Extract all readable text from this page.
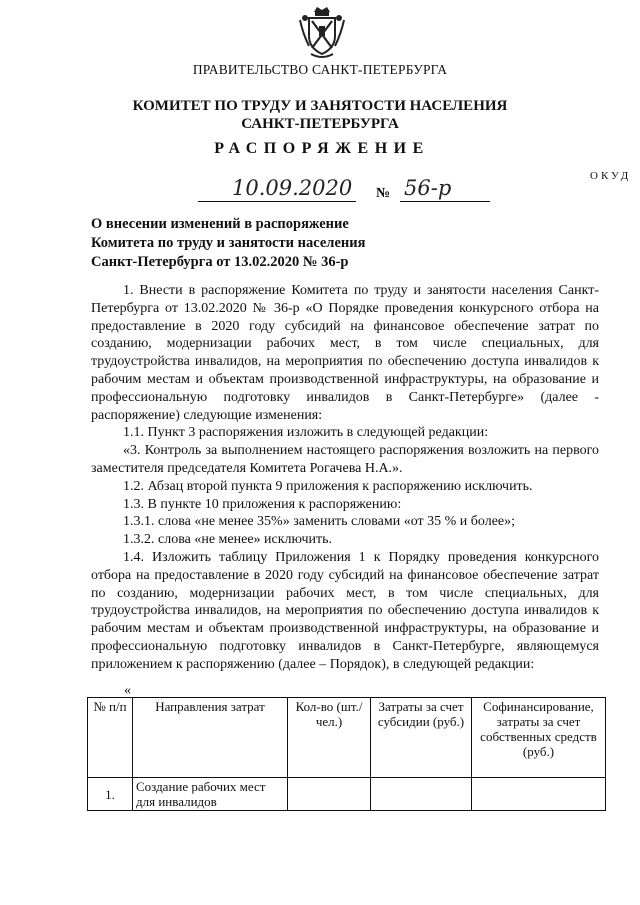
ПРАВИТЕЛЬСТВО САНКТ-ПЕТЕРБУРГА
КОМИТЕТ ПО ТРУДУ И ЗАНЯТОСТИ НАСЕЛЕНИЯ
САНКТ-ПЕТЕРБУРГА
РАСПОРЯЖЕНИЕ
ОКУД
10.09.2020 № 56-р
О внесении изменений в распоряжение
Комитета по труду и занятости населения
Санкт-Петербурга от 13.02.2020 № 36-р

1. Внести в распоряжение Комитета по труду и занятости населения Санкт-Петербурга от 13.02.2020 № 36-р «О Порядке проведения конкурсного отбора на предоставление в 2020 году субсидий на финансовое обеспечение затрат по созданию, модернизации рабочих мест, в том числе специальных, для трудоустройства инвалидов, на мероприятия по обеспечению доступа инвалидов к рабочим местам и объектам производственной инфраструктуры, на образование и профессиональную подготовку инвалидов в Санкт-Петербурге» (далее - распоряжение) следующие изменения:

1.1. Пункт 3 распоряжения изложить в следующей редакции:

«3. Контроль за выполнением настоящего распоряжения возложить на первого заместителя председателя Комитета Рогачева Н.А.».

1.2. Абзац второй пункта 9 приложения к распоряжению исключить.

1.3. В пункте 10 приложения к распоряжению:

1.3.1. слова «не менее 35%» заменить словами «от 35 % и более»;

1.3.2. слова «не менее» исключить.

1.4. Изложить таблицу Приложения 1 к Порядку проведения конкурсного отбора на предоставление в 2020 году субсидий на финансовое обеспечение затрат по созданию, модернизации рабочих мест, в том числе специальных, для трудоустройства инвалидов, на мероприятия по обеспечению доступа инвалидов к рабочим местам и объектам производственной инфраструктуры, на образование и профессиональную подготовку инвалидов в Санкт-Петербурге, являющемуся приложением к распоряжению (далее – Порядок), в следующей редакции:

«
№ п/п	Направления затрат	Кол-во (шт./чел.)	Затраты за счет субсидии (руб.)	Софинансирование, затраты за счет собственных средств (руб.)
1.	Создание рабочих мест для инвалидов			
